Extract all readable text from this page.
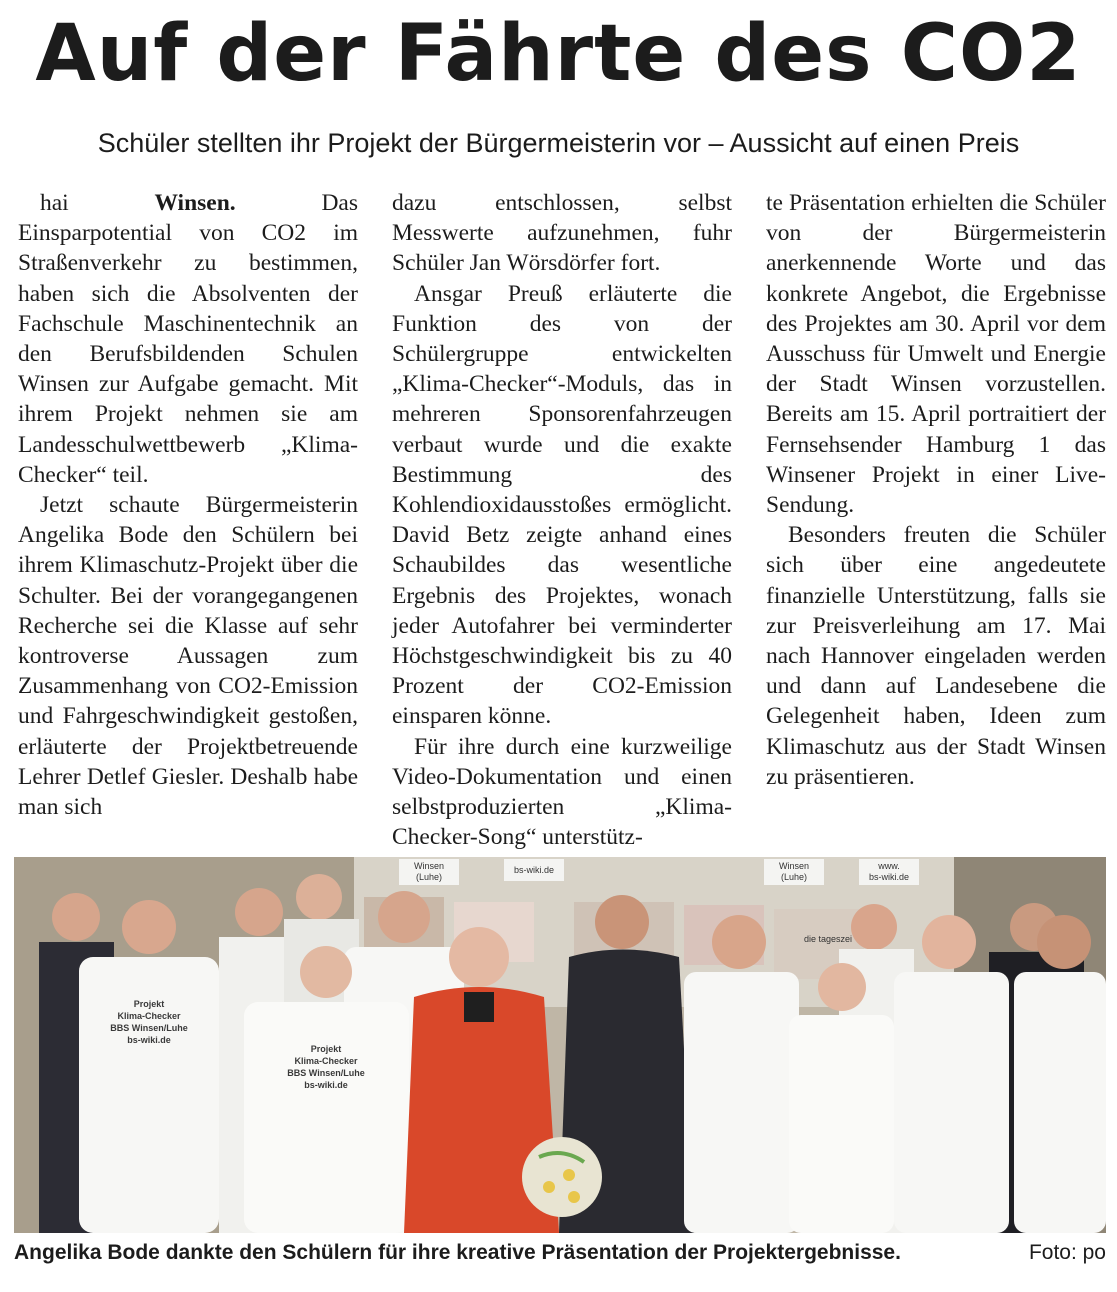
Auf der Fährte des CO2
Schüler stellten ihr Projekt der Bürgermeisterin vor – Aussicht auf einen Preis

hai	Winsen.	Das Einsparpotential von CO2 im Straßenverkehr zu bestimmen, haben sich die Absolventen der Fachschule Maschinentechnik an den Berufsbildenden Schulen Winsen zur Aufgabe gemacht. Mit ihrem Projekt nehmen sie am Landesschulwettbewerb „Klima-Checker“ teil.

Jetzt schaute Bürgermeisterin Angelika Bode den Schülern bei ihrem Klimaschutz-Projekt über die Schulter. Bei der vorangegangenen Recherche sei die Klasse auf sehr kontroverse Aussagen zum Zusammenhang von CO2-Emission und Fahrgeschwindigkeit gestoßen, erläuterte der Projektbetreuende Lehrer Detlef Giesler. Deshalb habe man sich

dazu entschlossen, selbst Messwerte aufzunehmen, fuhr Schüler Jan Wörsdörfer fort.

Ansgar Preuß erläuterte die Funktion des von der Schülergruppe entwickelten „Klima-Checker“-Moduls, das in mehreren Sponsorenfahrzeugen verbaut wurde und die exakte Bestimmung des Kohlendioxidausstoßes ermöglicht. David Betz zeigte anhand eines Schaubildes das wesentliche Ergebnis des Projektes, wonach jeder Autofahrer bei verminderter Höchstgeschwindigkeit bis zu 40 Prozent der CO2-Emission einsparen könne.

Für ihre durch eine kurzweilige Video-Dokumentation und einen selbstproduzierten „Klima-Checker-Song“ unterstütz-

te Präsentation erhielten die Schüler von der Bürgermeisterin anerkennende Worte und das konkrete Angebot, die Ergebnisse des Projektes am 30. April vor dem Ausschuss für Umwelt und Energie der Stadt Winsen vorzustellen. Bereits am 15. April portraitiert der Fernsehsender Hamburg 1 das Winsener Projekt in einer Live-Sendung.

Besonders freuten die Schüler sich über eine angedeutete finanzielle Unterstützung, falls sie zur Preisverleihung am 17. Mai nach Hannover eingeladen werden und dann auf Landesebene die Gelegenheit haben, Ideen zum Klimaschutz aus der Stadt Winsen zu präsentieren.

Winsen
(Luhe)
bs-wiki.de	Winsen
(Luhe)
www.
bs-wiki.de
die tageszei
Projekt
Klima-Checker
BBS Winsen/Luhe
bs-wiki.de
Projekt
Klima-Checker
BBS Winsen/Luhe
bs-wiki.de
Angelika Bode dankte den Schülern für ihre kreative Präsentation der Projektergebnisse.	Foto: po
